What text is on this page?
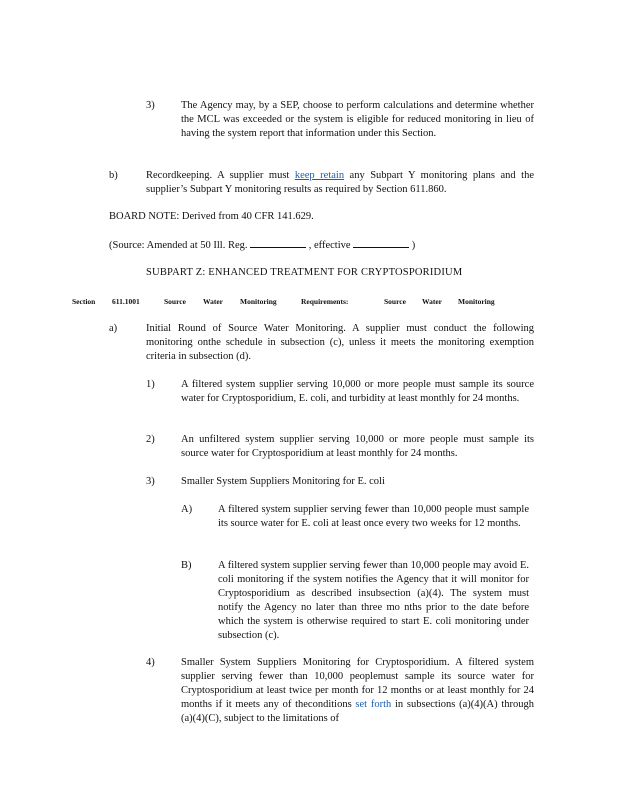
3)	The Agency may, by a SEP, choose to perform calculations and determine whether the MCL was exceeded or the system is eligible for reduced monitoring in lieu of having the system report that information under this Section.
b)	Recordkeeping. A supplier must keep retain any Subpart Y monitoring plans and the supplier’s Subpart Y monitoring results as required by Section 611.860.
BOARD NOTE: Derived from 40 CFR 141.629.
(Source: Amended at 50 Ill. Reg.	, effective	)
SUBPART Z: ENHANCED TREATMENT FOR CRYPTOSPORIDIUM
Section 611.1001	Source Water Monitoring	Requirements:	Source Water Monitoring
a)	Initial Round of Source Water Monitoring. A supplier must conduct the following monitoring onthe schedule in subsection (c), unless it meets the monitoring exemption criteria in subsection (d).
1)	A filtered system supplier serving 10,000 or more people must sample its source water for Cryptosporidium, E. coli, and turbidity at least monthly for 24 months.
2)	An unfiltered system supplier serving 10,000 or more people must sample its source water for Cryptosporidium at least monthly for 24 months.
3)	Smaller System Suppliers Monitoring for E. coli
A) A filtered system supplier serving fewer than 10,000 people must sample its source water for E. coli at least once every two weeks for 12 months.
B)	A filtered system supplier serving fewer than 10,000 people may avoid E. coli monitoring if the system notifies the Agency that it will monitor for Cryptosporidium as described insubsection (a)(4). The system must notify the Agency no later than three mo nths prior to the date before which the system is otherwise required to start E. coli monitoring under subsection (c).
4)	Smaller System Suppliers Monitoring for Cryptosporidium. A filtered system supplier serving fewer than 10,000 peoplemust sample its source water for Cryptosporidium at least twice per month for 12 months or at least monthly for 24 months if it meets any of theconditions set forth in subsections (a)(4)(A) through (a)(4)(C), subject to the limitations of
